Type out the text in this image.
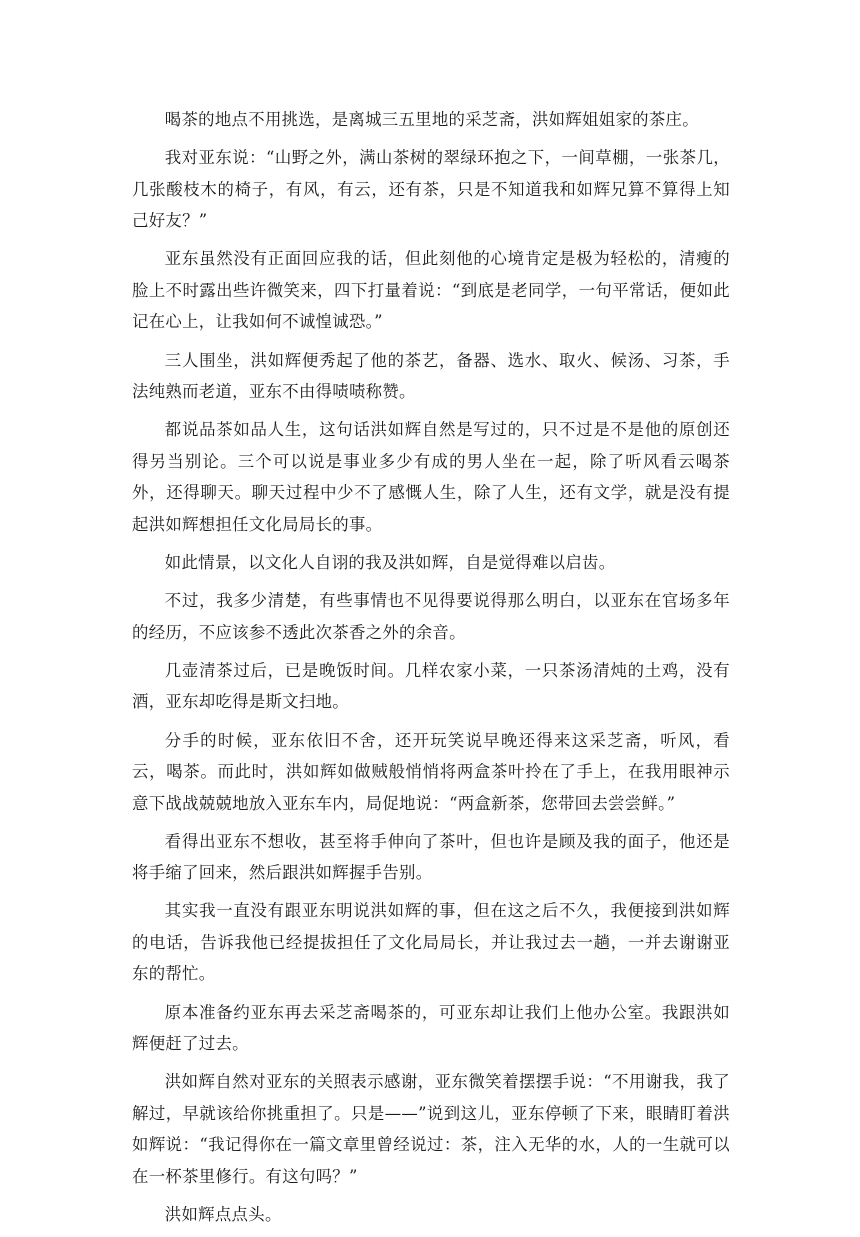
喝茶的地点不用挑选，是离城三五里地的采芝斋，洪如辉姐姐家的茶庄。

我对亚东说：“山野之外，满山茶树的翠绿环抱之下，一间草棚，一张茶几，几张酸枝木的椅子，有风，有云，还有茶，只是不知道我和如辉兄算不算得上知己好友？”

亚东虽然没有正面回应我的话，但此刻他的心境肯定是极为轻松的，清瘦的脸上不时露出些许微笑来，四下打量着说：“到底是老同学，一句平常话，便如此记在心上，让我如何不诚惶诚恐。”

三人围坐，洪如辉便秀起了他的茶艺，备器、选水、取火、候汤、习茶，手法纯熟而老道，亚东不由得啧啧称赞。

都说品茶如品人生，这句话洪如辉自然是写过的，只不过是不是他的原创还得另当别论。三个可以说是事业多少有成的男人坐在一起，除了听风看云喝茶外，还得聊天。聊天过程中少不了感慨人生，除了人生，还有文学，就是没有提起洪如辉想担任文化局局长的事。

如此情景，以文化人自诩的我及洪如辉，自是觉得难以启齿。

不过，我多少清楚，有些事情也不见得要说得那么明白，以亚东在官场多年的经历，不应该参不透此次茶香之外的余音。

几壶清茶过后，已是晚饭时间。几样农家小菜，一只茶汤清炖的土鸡，没有酒，亚东却吃得是斯文扫地。

分手的时候，亚东依旧不舍，还开玩笑说早晚还得来这采芝斋，听风，看云，喝茶。而此时，洪如辉如做贼般悄悄将两盒茶叶拎在了手上，在我用眼神示意下战战兢兢地放入亚东车内，局促地说：“两盒新茶，您带回去尝尝鲜。”

看得出亚东不想收，甚至将手伸向了茶叶，但也许是顾及我的面子，他还是将手缩了回来，然后跟洪如辉握手告别。

其实我一直没有跟亚东明说洪如辉的事，但在这之后不久，我便接到洪如辉的电话，告诉我他已经提拔担任了文化局局长，并让我过去一趟，一并去谢谢亚东的帮忙。

原本准备约亚东再去采芝斋喝茶的，可亚东却让我们上他办公室。我跟洪如辉便赶了过去。

洪如辉自然对亚东的关照表示感谢，亚东微笑着摆摆手说：“不用谢我，我了解过，早就该给你挑重担了。只是——”说到这儿，亚东停顿了下来，眼睛盯着洪如辉说：“我记得你在一篇文章里曾经说过：茶，注入无华的水，人的一生就可以在一杯茶里修行。有这句吗？”

洪如辉点点头。
